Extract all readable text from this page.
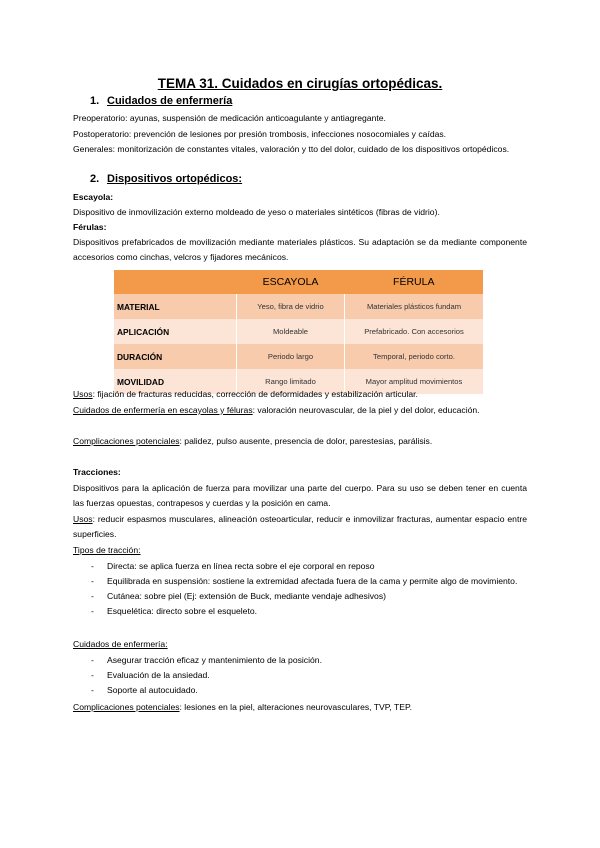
TEMA 31. Cuidados en cirugías ortopédicas.
1. Cuidados de enfermería
Preoperatorio: ayunas, suspensión de medicación anticoagulante y antiagregante.
Postoperatorio: prevención de lesiones por presión trombosis, infecciones nosocomiales y caídas.
Generales: monitorización de constantes vitales, valoración y tto del dolor, cuidado de los dispositivos ortopédicos.
2. Dispositivos ortopédicos:
Escayola:
Dispositivo de inmovilización externo moldeado de yeso o materiales sintéticos (fibras de vidrio).
Férulas:
Dispositivos prefabricados de movilización mediante materiales plásticos. Su adaptación se da mediante componente accesorios como cinchas, velcros y fijadores mecánicos.
	ESCAYOLA	FÉRULA
MATERIAL	Yeso, fibra de vidrio	Materiales plásticos fundam
APLICACIÓN	Moldeable	Prefabricado. Con accesorios
DURACIÓN	Periodo largo	Temporal, periodo corto.
MOVILIDAD	Rango limitado	Mayor amplitud movimientos
Usos: fijación de fracturas reducidas, corrección de deformidades y estabilización articular.
Cuidados de enfermería en escayolas y féluras: valoración neurovascular, de la piel y del dolor, educación.
Complicaciones potenciales: palidez, pulso ausente, presencia de dolor, parestesias, parálisis.
Tracciones:
Dispositivos para la aplicación de fuerza para movilizar una parte del cuerpo. Para su uso se deben tener en cuenta las fuerzas opuestas, contrapesos y cuerdas y la posición en cama.
Usos: reducir espasmos musculares, alineación osteoarticular, reducir e inmovilizar fracturas, aumentar espacio entre superficies.
Tipos de tracción:
- Directa: se aplica fuerza en línea recta sobre el eje corporal en reposo
- Equilibrada en suspensión: sostiene la extremidad afectada fuera de la cama y permite algo de movimiento.
- Cutánea: sobre piel (Ej: extensión de Buck, mediante vendaje adhesivos)
- Esquelética: directo sobre el esqueleto.
Cuidados de enfermería:
- Asegurar tracción eficaz y mantenimiento de la posición.
- Evaluación de la ansiedad.
- Soporte al autocuidado.
Complicaciones potenciales: lesiones en la piel, alteraciones neurovasculares, TVP, TEP.
